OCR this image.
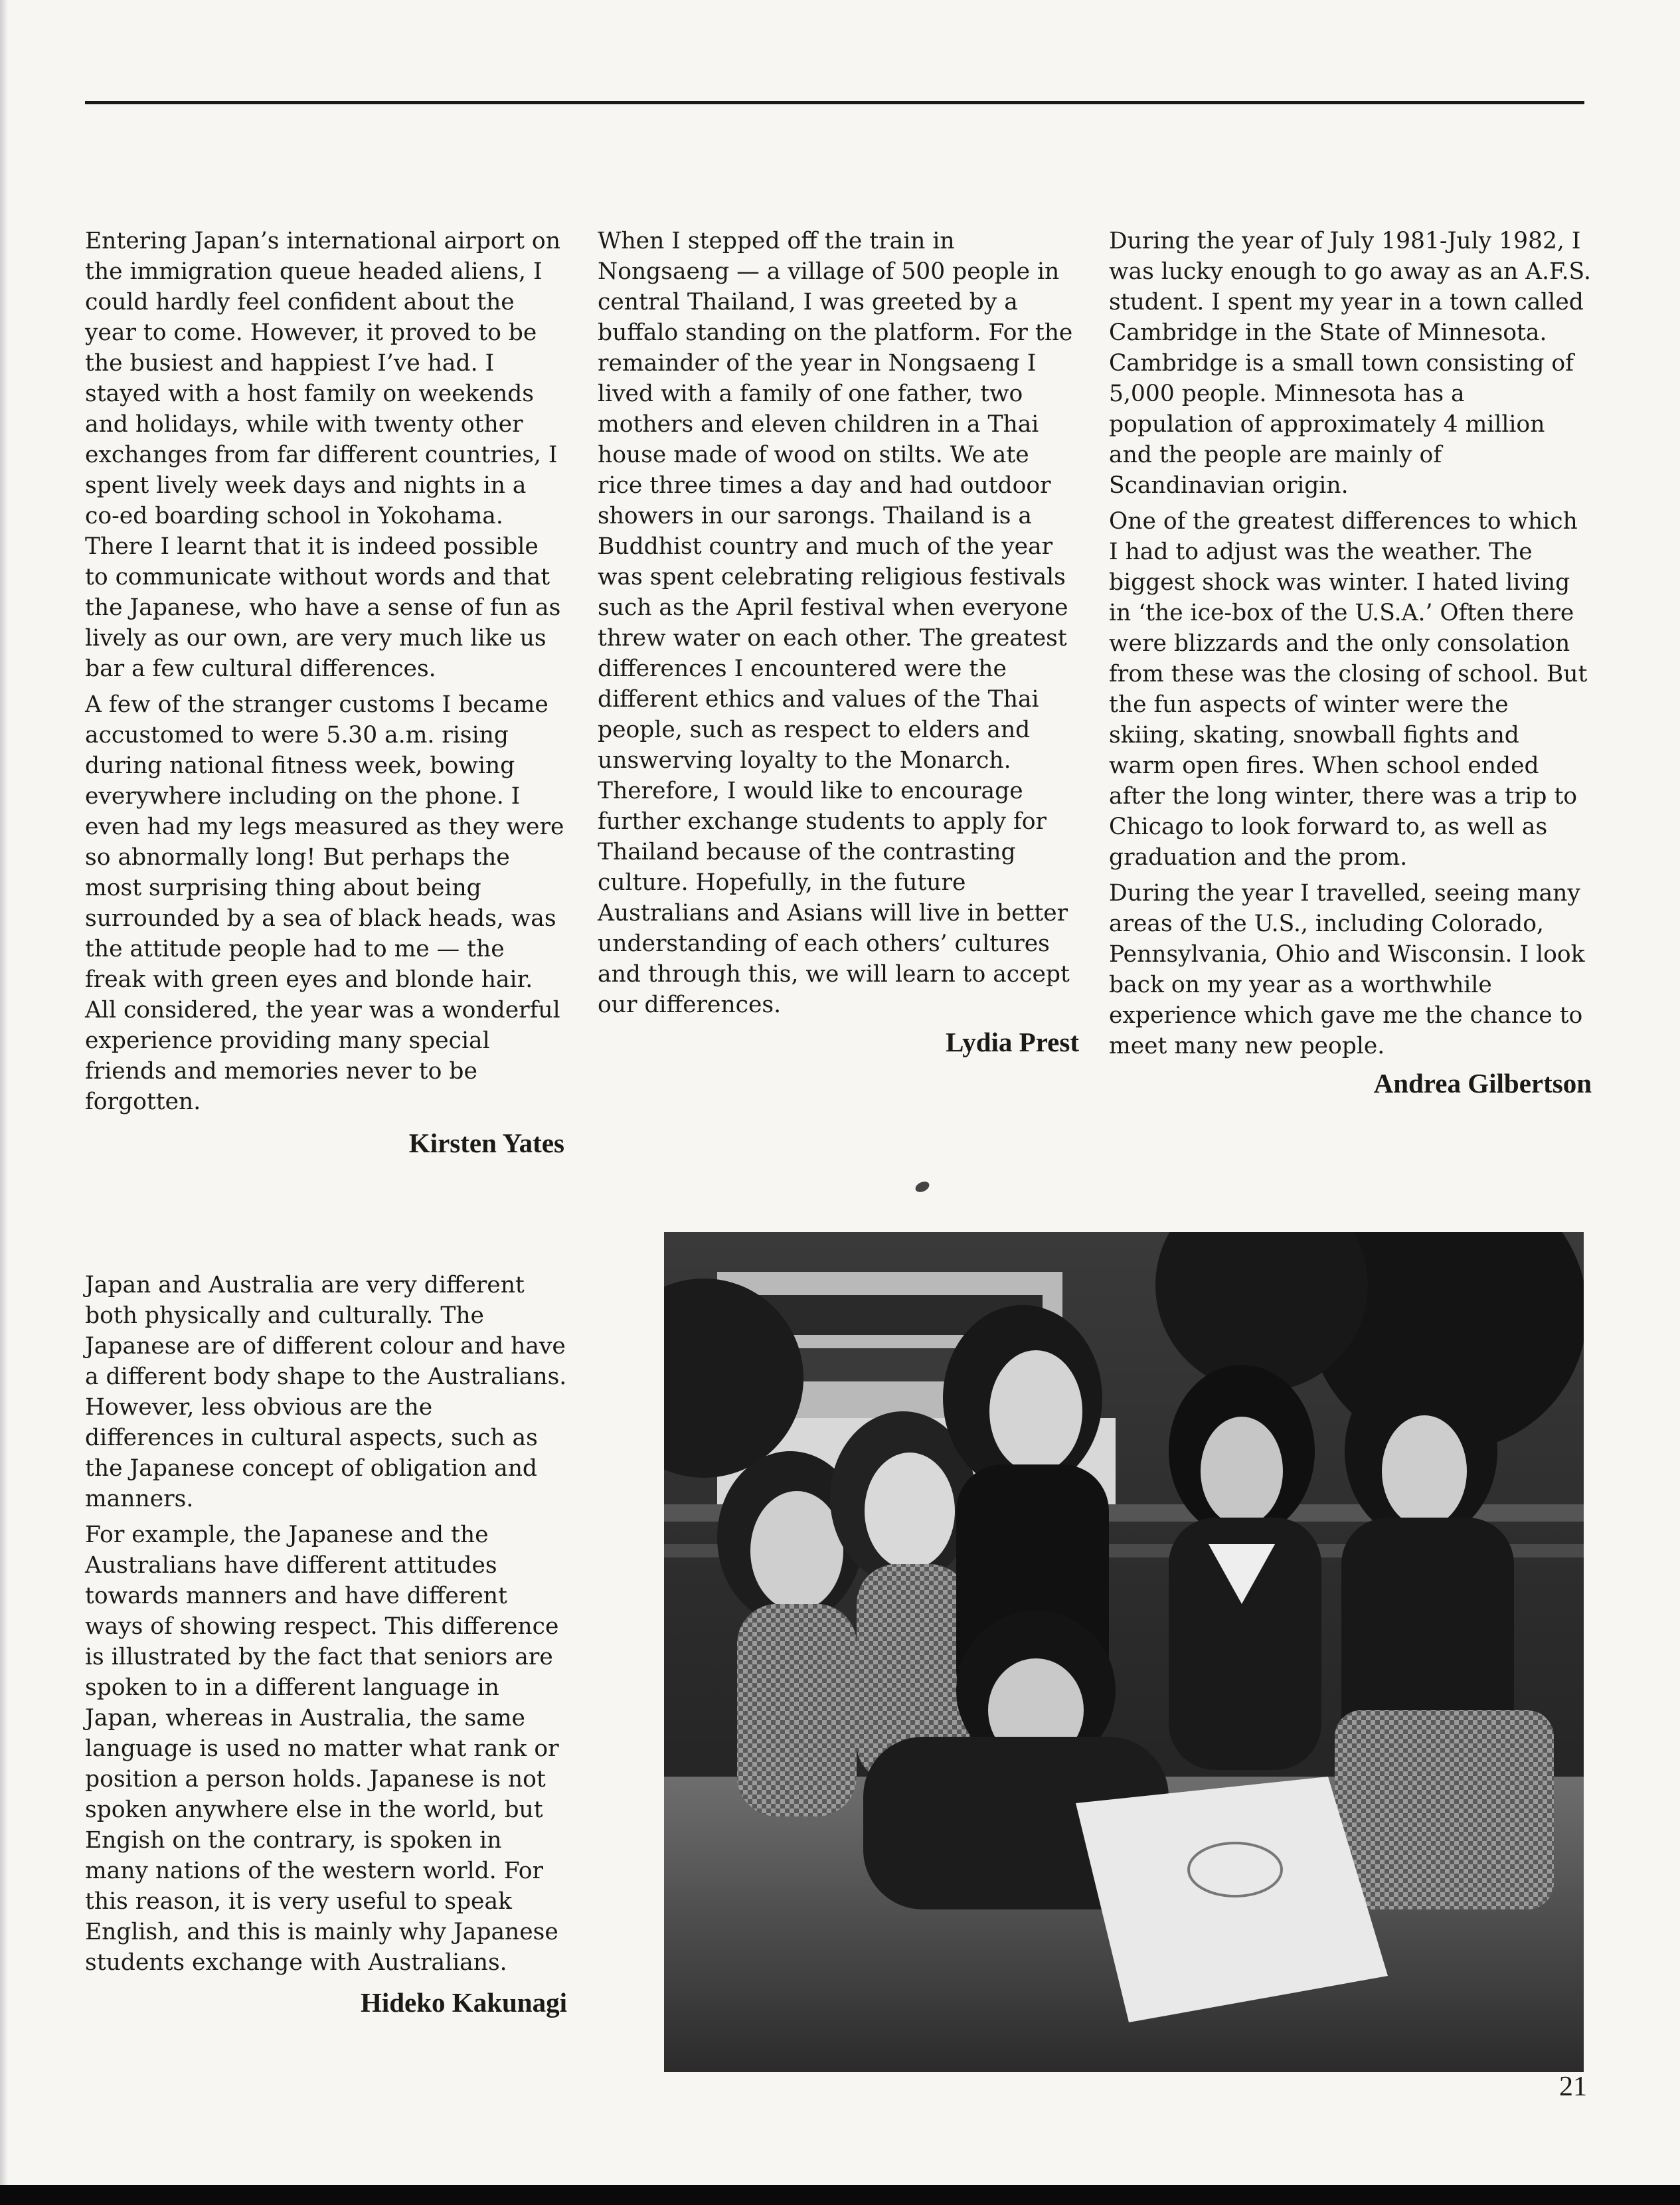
Entering Japan’s international airport on the immigration queue headed aliens, I could hardly feel confident about the year to come. However, it proved to be the busiest and happiest I’ve had. I stayed with a host family on weekends and holidays, while with twenty other exchanges from far different countries, I spent lively week days and nights in a co-ed boarding school in Yokohama. There I learnt that it is indeed possible to communicate without words and that the Japanese, who have a sense of fun as lively as our own, are very much like us bar a few cultural differences.

A few of the stranger customs I became accustomed to were 5.30 a.m. rising during national fitness week, bowing everywhere including on the phone. I even had my legs measured as they were so abnormally long! But perhaps the most surprising thing about being surrounded by a sea of black heads, was the attitude people had to me — the freak with green eyes and blonde hair. All considered, the year was a wonderful experience providing many special friends and memories never to be forgotten.

Kirsten Yates

When I stepped off the train in Nongsaeng — a village of 500 people in central Thailand, I was greeted by a buffalo standing on the platform. For the remainder of the year in Nongsaeng I lived with a family of one father, two mothers and eleven children in a Thai house made of wood on stilts. We ate rice three times a day and had outdoor showers in our sarongs. Thailand is a Buddhist country and much of the year was spent celebrating religious festivals such as the April festival when everyone threw water on each other. The greatest differences I encountered were the different ethics and values of the Thai people, such as respect to elders and unswerving loyalty to the Monarch. Therefore, I would like to encourage further exchange students to apply for Thailand because of the contrasting culture. Hopefully, in the future Australians and Asians will live in better understanding of each others’ cultures and through this, we will learn to accept our differences.

Lydia Prest

During the year of July 1981-July 1982, I was lucky enough to go away as an A.F.S. student. I spent my year in a town called Cambridge in the State of Minnesota. Cambridge is a small town consisting of 5,000 people. Minnesota has a population of approximately 4 million and the people are mainly of Scandinavian origin.

One of the greatest differences to which I had to adjust was the weather. The biggest shock was winter. I hated living in ‘the ice-box of the U.S.A.’ Often there were blizzards and the only consolation from these was the closing of school. But the fun aspects of winter were the skiing, skating, snowball fights and warm open fires. When school ended after the long winter, there was a trip to Chicago to look forward to, as well as graduation and the prom.

During the year I travelled, seeing many areas of the U.S., including Colorado, Pennsylvania, Ohio and Wisconsin. I look back on my year as a worthwhile experience which gave me the chance to meet many new people.

Andrea Gilbertson

Japan and Australia are very different both physically and culturally. The Japanese are of different colour and have a different body shape to the Australians. However, less obvious are the differences in cultural aspects, such as the Japanese concept of obligation and manners.

For example, the Japanese and the Australians have different attitudes towards manners and have different ways of showing respect. This difference is illustrated by the fact that seniors are spoken to in a different language in Japan, whereas in Australia, the same language is used no matter what rank or position a person holds. Japanese is not spoken anywhere else in the world, but Engish on the contrary, is spoken in many nations of the western world. For this reason, it is very useful to speak English, and this is mainly why Japanese students exchange with Australians.

Hideko Kakunagi
21
